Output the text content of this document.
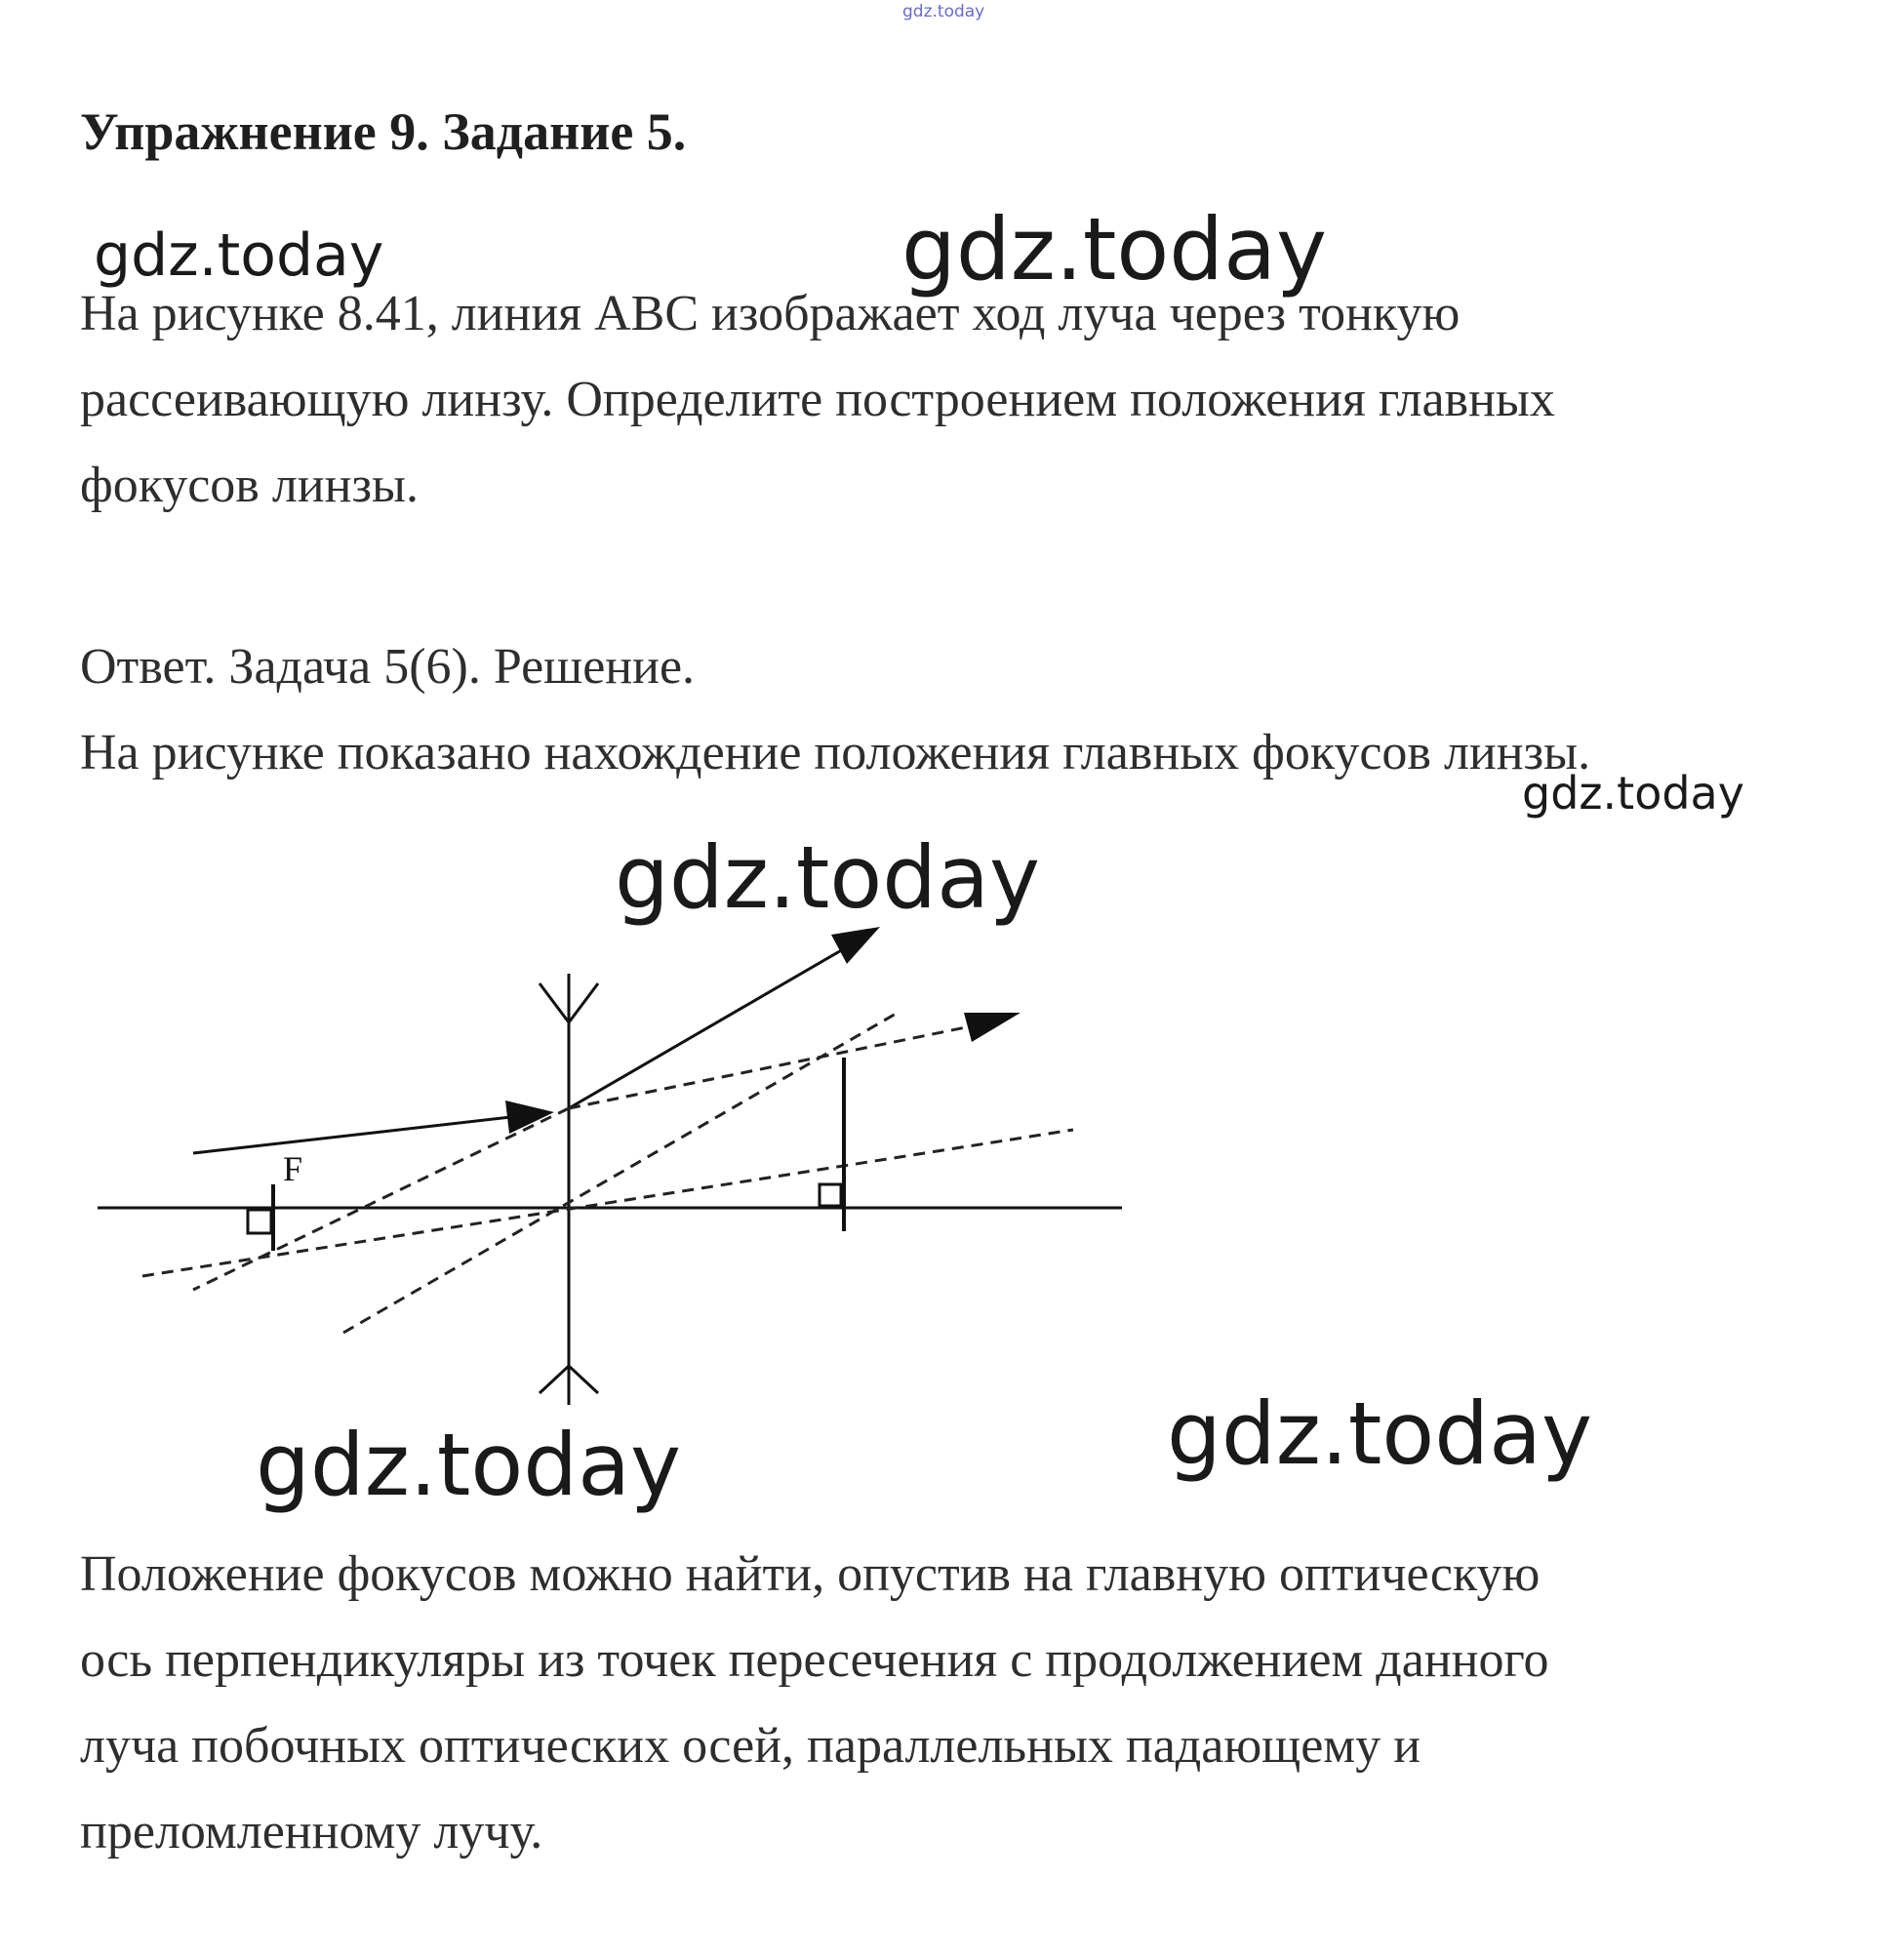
gdz.today
Упражнение 9. Задание 5.
gdz.today	gdz.today
На рисунке 8.41, линия АВС изображает ход луча через тонкую
рассеивающую линзу. Определите построением положения главных
фокусов линзы.
Ответ. Задача 5(6). Решение.
На рисунке показано нахождение положения главных фокусов линзы.
gdz.today
gdz.today
F
gdz.today
gdz.today
Положение фокусов можно найти, опустив на главную оптическую
ось перпендикуляры из точек пересечения с продолжением данного
луча побочных оптических осей, параллельных падающему и
преломленному лучу.
